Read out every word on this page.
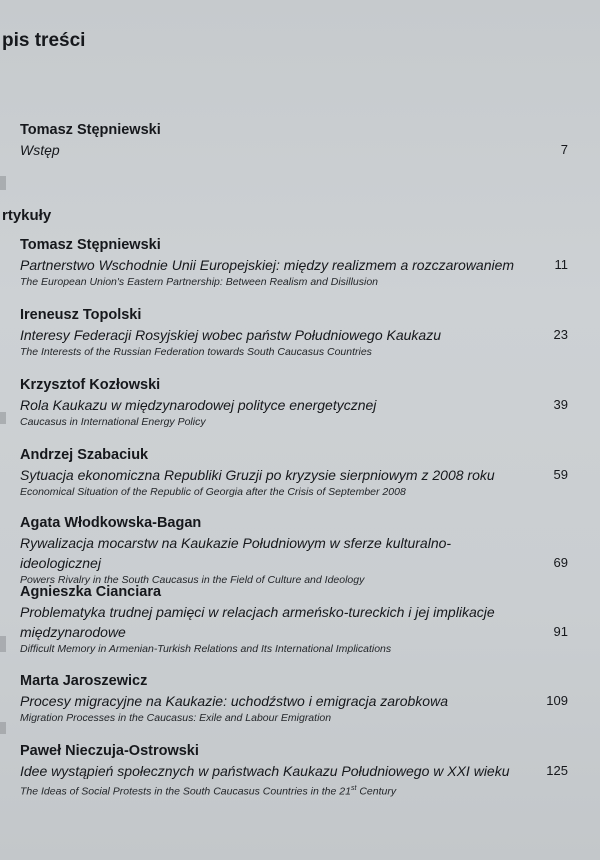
pis treści
Tomasz Stępniewski
Wstęp	7
rtykuły
Tomasz Stępniewski
Partnerstwo Wschodnie Unii Europejskiej: między realizmem a rozczarowaniem	11
The European Union's Eastern Partnership: Between Realism and Disillusion
Ireneusz Topolski
Interesy Federacji Rosyjskiej wobec państw Południowego Kaukazu	23
The Interests of the Russian Federation towards South Caucasus Countries
Krzysztof Kozłowski
Rola Kaukazu w międzynarodowej polityce energetycznej	39
Caucasus in International Energy Policy
Andrzej Szabaciuk
Sytuacja ekonomiczna Republiki Gruzji po kryzysie sierpniowym z 2008 roku	59
Economical Situation of the Republic of Georgia after the Crisis of September 2008
Agata Włodkowska-Bagan
Rywalizacja mocarstw na Kaukazie Południowym w sferze kulturalno-ideologicznej	69
Powers Rivalry in the South Caucasus in the Field of Culture and Ideology
Agnieszka Cianciara
Problematyka trudnej pamięci w relacjach armeńsko-tureckich i jej implikacje międzynarodowe	91
Difficult Memory in Armenian-Turkish Relations and Its International Implications
Marta Jaroszewicz
Procesy migracyjne na Kaukazie: uchodźstwo i emigracja zarobkowa	109
Migration Processes in the Caucasus: Exile and Labour Emigration
Paweł Nieczuja-Ostrowski
Idee wystąpień społecznych w państwach Kaukazu Południowego w XXI wieku	125
The Ideas of Social Protests in the South Caucasus Countries in the 21st Century
